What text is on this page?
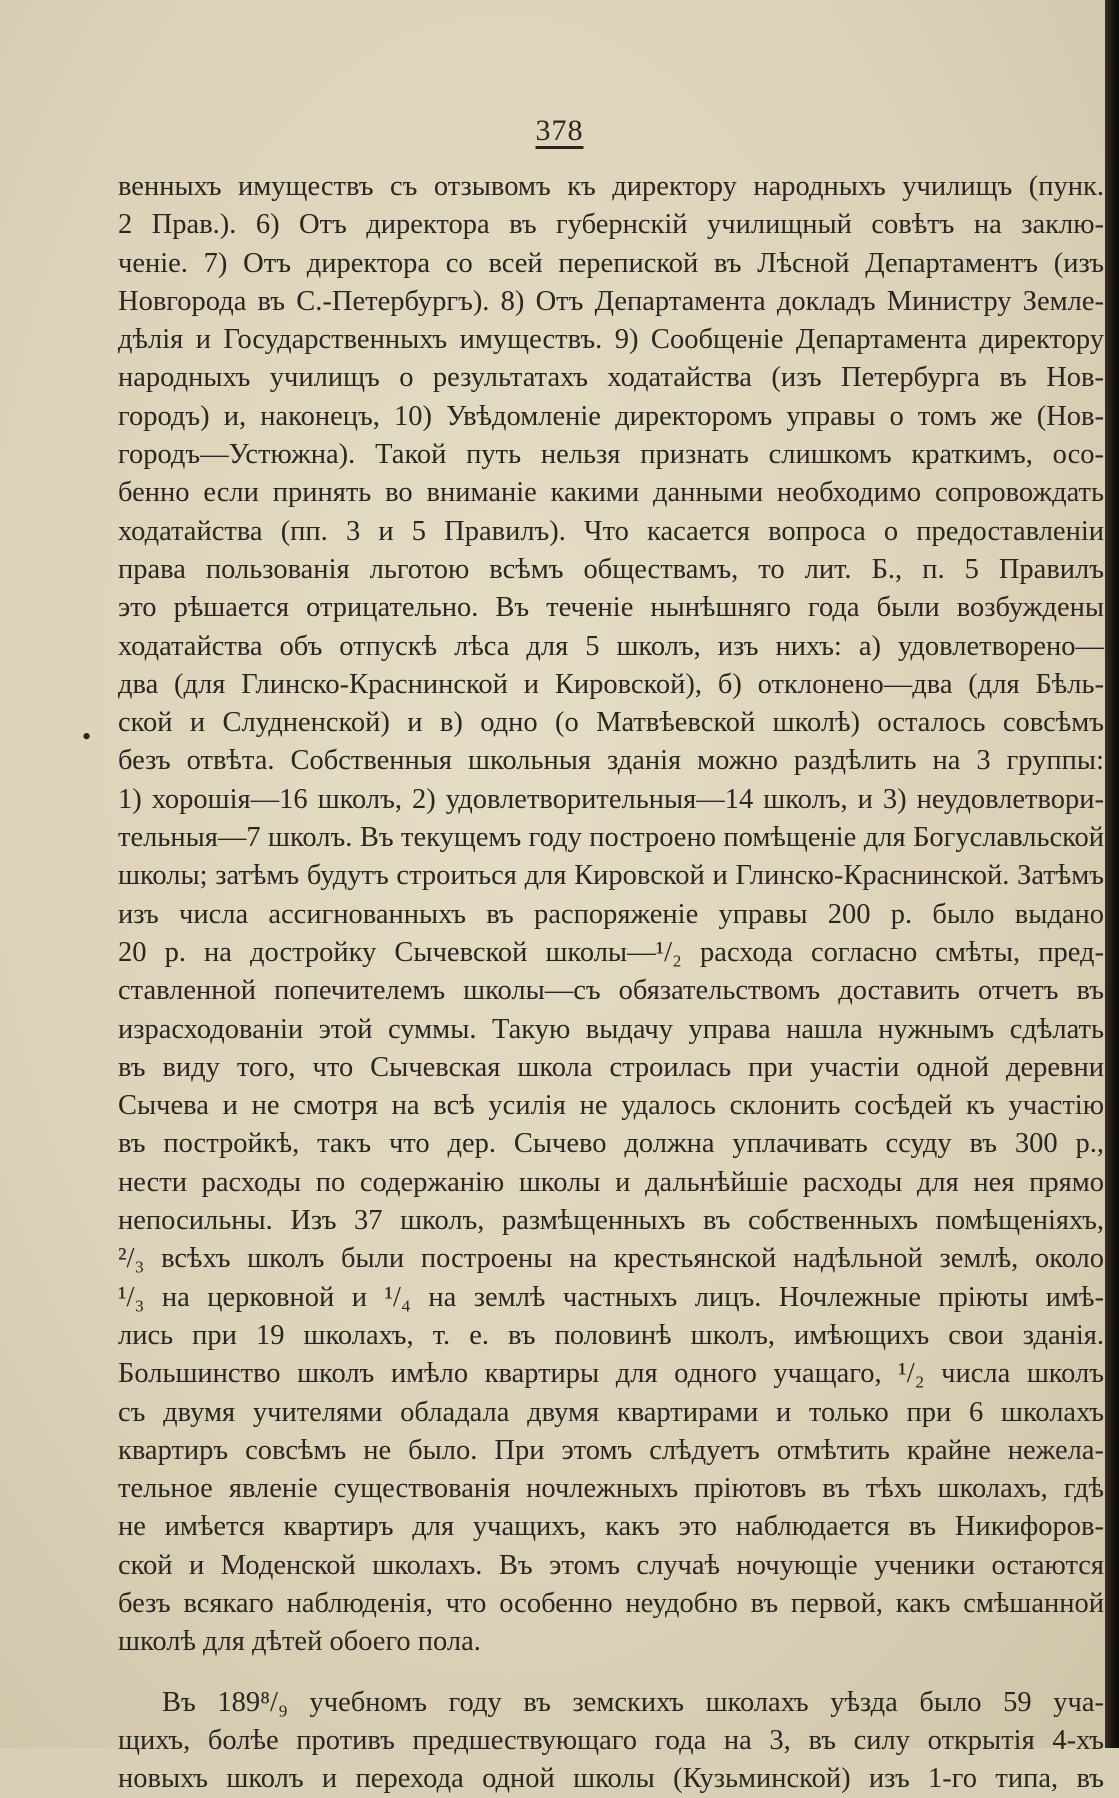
378
•
венныхъ имуществъ съ отзывомъ къ директору народныхъ училищъ (пунк.
2 Прав.). 6) Отъ директора въ губернскій училищный совѣтъ на заклю-
ченіе. 7) Отъ директора со всей перепиской въ Лѣсной Департаментъ (изъ
Новгорода въ С.-Петербургъ). 8) Отъ Департамента докладъ Министру Земле-
дѣлія и Государственныхъ имуществъ. 9) Сообщеніе Департамента директору
народныхъ училищъ о результатахъ ходатайства (изъ Петербурга въ Нов-
городъ) и, наконецъ, 10) Увѣдомленіе директоромъ управы о томъ же (Нов-
городъ—Устюжна). Такой путь нельзя признать слишкомъ краткимъ, осо-
бенно если принять во вниманіе какими данными необходимо сопровождать
ходатайства (пп. 3 и 5 Правилъ). Что касается вопроса о предоставленіи
права пользованія льготою всѣмъ обществамъ, то лит. Б., п. 5 Правилъ
это рѣшается отрицательно. Въ теченіе нынѣшняго года были возбуждены
ходатайства объ отпускѣ лѣса для 5 школъ, изъ нихъ: а) удовлетворено—
два (для Глинско-Краснинской и Кировской), б) отклонено—два (для Бѣль-
ской и Слудненской) и в) одно (о Матвѣевской школѣ) осталось совсѣмъ
безъ отвѣта. Собственныя школьныя зданія можно раздѣлить на 3 группы:
1) хорошія—16 школъ, 2) удовлетворительныя—14 школъ, и 3) неудовлетвори-
тельныя—7 школъ. Въ текущемъ году построено помѣщеніе для Богуславльской
школы; затѣмъ будутъ строиться для Кировской и Глинско-Краснинской. Затѣмъ
изъ числа ассигнованныхъ въ распоряженіе управы 200 р. было выдано
20 р. на достройку Сычевской школы—¹/₂ расхода согласно смѣты, пред-
ставленной попечителемъ школы—съ обязательствомъ доставить отчетъ въ
израсходованіи этой суммы. Такую выдачу управа нашла нужнымъ сдѣлать
въ виду того, что Сычевская школа строилась при участіи одной деревни
Сычева и не смотря на всѣ усилія не удалось склонить сосѣдей къ участію
въ постройкѣ, такъ что дер. Сычево должна уплачивать ссуду въ 300 р.,
нести расходы по содержанію школы и дальнѣйшіе расходы для нея прямо
непосильны. Изъ 37 школъ, размѣщенныхъ въ собственныхъ помѣщеніяхъ,
²/₃ всѣхъ школъ были построены на крестьянской надѣльной землѣ, около
¹/₃ на церковной и ¹/₄ на землѣ частныхъ лицъ. Ночлежные пріюты имѣ-
лись при 19 школахъ, т. е. въ половинѣ школъ, имѣющихъ свои зданія.
Большинство школъ имѣло квартиры для одного учащаго, ¹/₂ числа школъ
съ двумя учителями обладала двумя квартирами и только при 6 школахъ
квартиръ совсѣмъ не было. При этомъ слѣдуетъ отмѣтить крайне нежела-
тельное явленіе существованія ночлежныхъ пріютовъ въ тѣхъ школахъ, гдѣ
не имѣется квартиръ для учащихъ, какъ это наблюдается въ Никифоров-
ской и Моденской школахъ. Въ этомъ случаѣ ночующіе ученики остаются
безъ всякаго наблюденія, что особенно неудобно въ первой, какъ смѣшанной
школѣ для дѣтей обоего пола.
Въ 189⁸/₉ учебномъ году въ земскихъ школахъ уѣзда было 59 уча-
щихъ, болѣе противъ предшествующаго года на 3, въ силу открытія 4-хъ
новыхъ школъ и перехода одной школы (Кузьминской) изъ 1-го типа, въ
